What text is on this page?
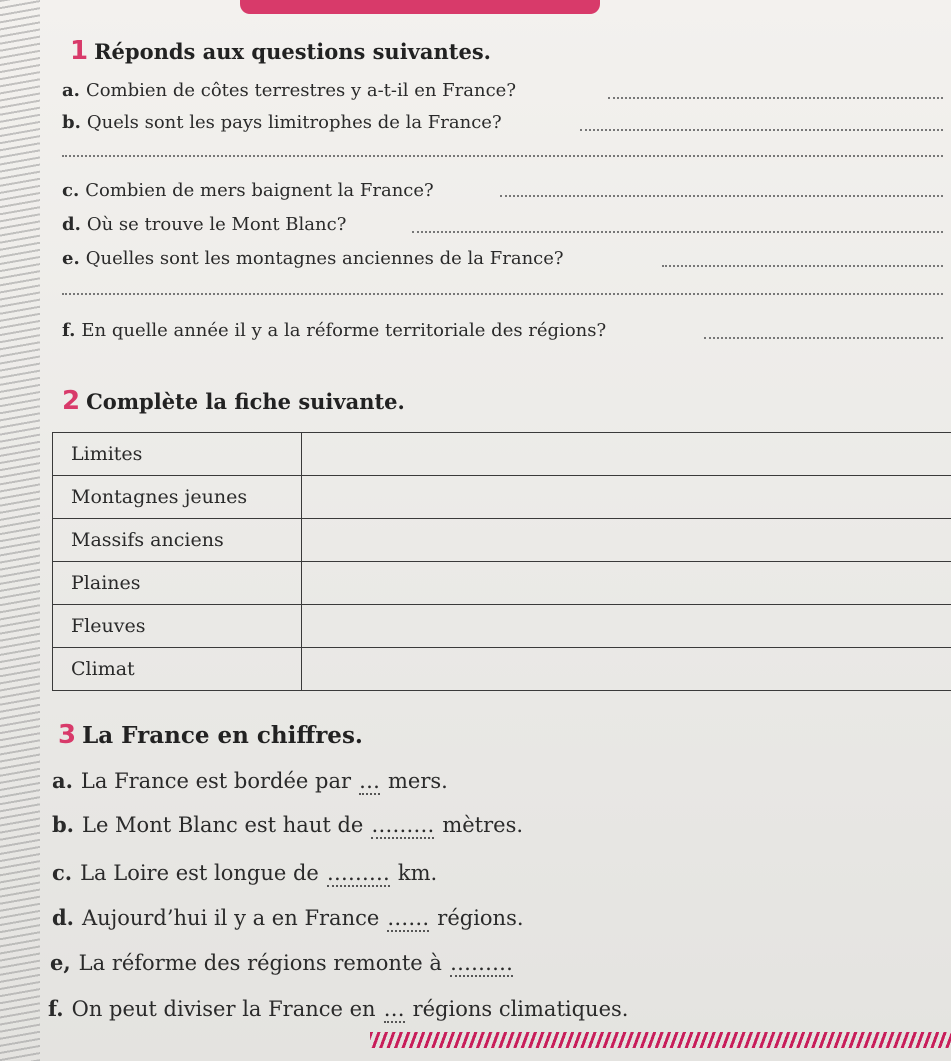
1 Réponds aux questions suivantes.
a. Combien de côtes terrestres y a-t-il en France?
b. Quels sont les pays limitrophes de la France?
c. Combien de mers baignent la France?
d. Où se trouve le Mont Blanc?
e. Quelles sont les montagnes anciennes de la France?
f. En quelle année il y a la réforme territoriale des régions?
2 Complète la fiche suivante.
Limites	
Montagnes jeunes	
Massifs anciens	
Plaines	
Fleuves	
Climat	
3 La France en chiffres.
a. La France est bordée par … mers.
b. Le Mont Blanc est haut de ……… mètres.
c. La Loire est longue de ……… km.
d. Aujourd’hui il y a en France …… régions.
e, La réforme des régions remonte à ………
f. On peut diviser la France en … régions climatiques.
